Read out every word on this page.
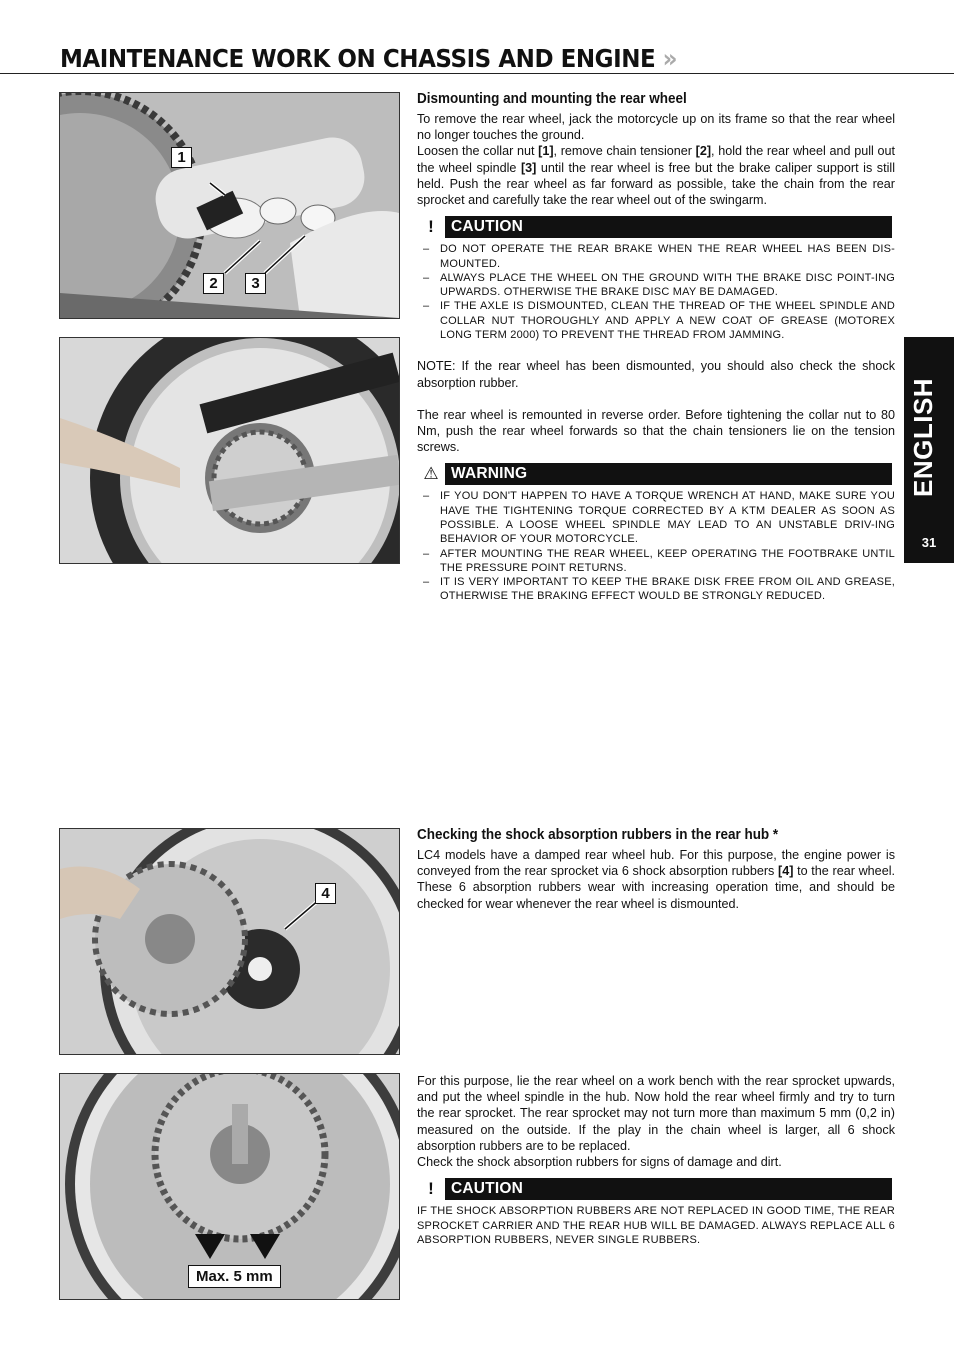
MAINTENANCE WORK ON CHASSIS AND ENGINE »
ENGLISH
31
1
2	3
4
Max. 5 mm
Dismounting and mounting the rear wheel

To remove the rear wheel, jack the motorcycle up on its frame so that the rear wheel no longer touches the ground.

Loosen the collar nut [1], remove chain tensioner [2], hold the rear wheel and pull out the wheel spindle [3] until the rear wheel is free but the brake caliper support is still held. Push the rear wheel as far forward as possible, take the chain from the rear sprocket and carefully take the rear wheel out of the swingarm.

!	CAUTION
– DO NOT OPERATE THE REAR BRAKE WHEN THE REAR WHEEL HAS BEEN DIS-MOUNTED.
– ALWAYS PLACE THE WHEEL ON THE GROUND WITH THE BRAKE DISC POINT-ING UPWARDS. OTHERWISE THE BRAKE DISC MAY BE DAMAGED.
– IF THE AXLE IS DISMOUNTED, CLEAN THE THREAD OF THE WHEEL SPINDLE AND COLLAR NUT THOROUGHLY AND APPLY A NEW COAT OF GREASE (MOTOREX LONG TERM 2000) TO PREVENT THE THREAD FROM JAMMING.

NOTE: If the rear wheel has been dismounted, you should also check the shock absorption rubber.

The rear wheel is remounted in reverse order. Before tightening the collar nut to 80 Nm, push the rear wheel forwards so that the chain tensioners lie on the tension screws.

⚠ WARNING
– IF YOU DON'T HAPPEN TO HAVE A TORQUE WRENCH AT HAND, MAKE SURE YOU HAVE THE TIGHTENING TORQUE CORRECTED BY A KTM DEALER AS SOON AS POSSIBLE. A LOOSE WHEEL SPINDLE MAY LEAD TO AN UNSTABLE DRIV-ING BEHAVIOR OF YOUR MOTORCYCLE.
– AFTER MOUNTING THE REAR WHEEL, KEEP OPERATING THE FOOTBRAKE UNTIL THE PRESSURE POINT RETURNS.
– IT IS VERY IMPORTANT TO KEEP THE BRAKE DISK FREE FROM OIL AND GREASE, OTHERWISE THE BRAKING EFFECT WOULD BE STRONGLY REDUCED.
Checking the shock absorption rubbers in the rear hub *

LC4 models have a damped rear wheel hub. For this purpose, the engine power is conveyed from the rear sprocket via 6 shock absorption rubbers [4] to the rear wheel. These 6 absorption rubbers wear with increasing operation time, and should be checked for wear whenever the rear wheel is dismounted.

For this purpose, lie the rear wheel on a work bench with the rear sprocket upwards, and put the wheel spindle in the hub. Now hold the rear wheel firmly and try to turn the rear sprocket. The rear sprocket may not turn more than maximum 5 mm (0,2 in) measured on the outside. If the play in the chain wheel is larger, all 6 shock absorption rubbers are to be replaced.

Check the shock absorption rubbers for signs of damage and dirt.

!	CAUTION

IF THE SHOCK ABSORPTION RUBBERS ARE NOT REPLACED IN GOOD TIME, THE REAR SPROCKET CARRIER AND THE REAR HUB WILL BE DAMAGED. ALWAYS REPLACE ALL 6 ABSORPTION RUBBERS, NEVER SINGLE RUBBERS.
